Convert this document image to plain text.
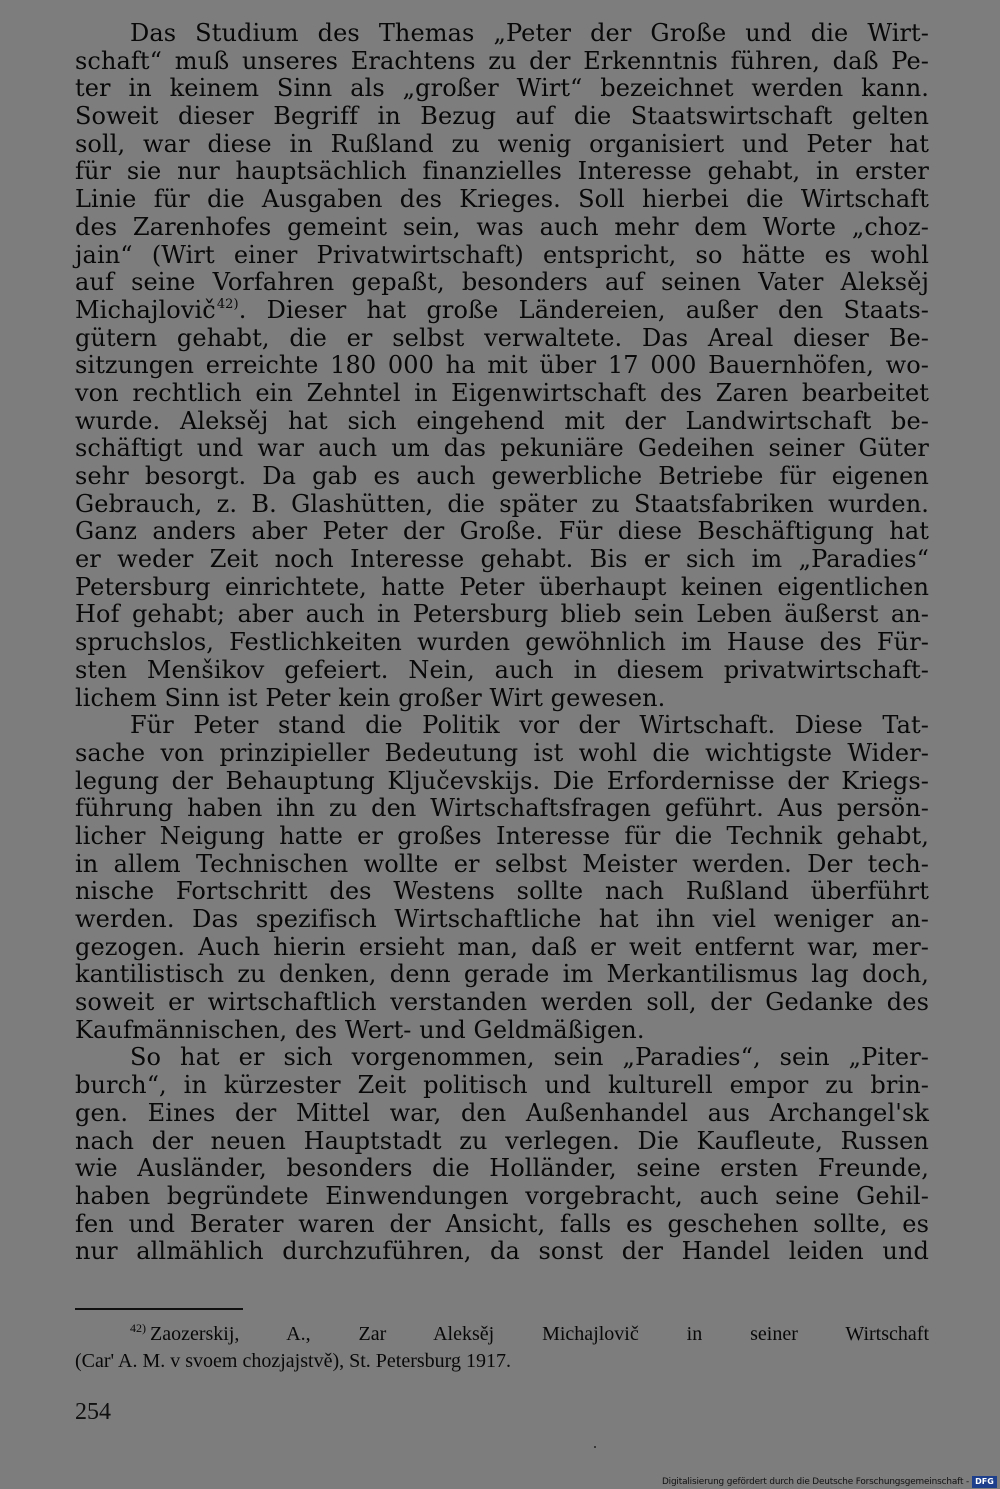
Das Studium des Themas „Peter der Große und die Wirt-
schaft“ muß unseres Erachtens zu der Erkenntnis führen, daß Pe-
ter in keinem Sinn als „großer Wirt“ bezeichnet werden kann.
Soweit dieser Begriff in Bezug auf die Staatswirtschaft gelten
soll, war diese in Rußland zu wenig organisiert und Peter hat
für sie nur hauptsächlich finanzielles Interesse gehabt, in erster
Linie für die Ausgaben des Krieges. Soll hierbei die Wirtschaft
des Zarenhofes gemeint sein, was auch mehr dem Worte „choz-
jain“ (Wirt einer Privatwirtschaft) entspricht, so hätte es wohl
auf seine Vorfahren gepaßt, besonders auf seinen Vater Aleksěj
Michajlovič$^{42)}$. Dieser hat große Ländereien, außer den Staats-
gütern gehabt, die er selbst verwaltete. Das Areal dieser Be-
sitzungen erreichte 180 000 ha mit über 17 000 Bauernhöfen, wo-
von rechtlich ein Zehntel in Eigenwirtschaft des Zaren bearbeitet
wurde. Aleksěj hat sich eingehend mit der Landwirtschaft be-
schäftigt und war auch um das pekuniäre Gedeihen seiner Güter
sehr besorgt. Da gab es auch gewerbliche Betriebe für eigenen
Gebrauch, z. B. Glashütten, die später zu Staatsfabriken wurden.
Ganz anders aber Peter der Große. Für diese Beschäftigung hat
er weder Zeit noch Interesse gehabt. Bis er sich im „Paradies“
Petersburg einrichtete, hatte Peter überhaupt keinen eigentlichen
Hof gehabt; aber auch in Petersburg blieb sein Leben äußerst an-
spruchslos, Festlichkeiten wurden gewöhnlich im Hause des Für-
sten Menšikov gefeiert. Nein, auch in diesem privatwirtschaft-
lichem Sinn ist Peter kein großer Wirt gewesen.
Für Peter stand die Politik vor der Wirtschaft. Diese Tat-
sache von prinzipieller Bedeutung ist wohl die wichtigste Wider-
legung der Behauptung Ključevskijs. Die Erfordernisse der Kriegs-
führung haben ihn zu den Wirtschaftsfragen geführt. Aus persön-
licher Neigung hatte er großes Interesse für die Technik gehabt,
in allem Technischen wollte er selbst Meister werden. Der tech-
nische Fortschritt des Westens sollte nach Rußland überführt
werden. Das spezifisch Wirtschaftliche hat ihn viel weniger an-
gezogen. Auch hierin ersieht man, daß er weit entfernt war, mer-
kantilistisch zu denken, denn gerade im Merkantilismus lag doch,
soweit er wirtschaftlich verstanden werden soll, der Gedanke des
Kaufmännischen, des Wert- und Geldmäßigen.
So hat er sich vorgenommen, sein „Paradies“, sein „Piter-
burch“, in kürzester Zeit politisch und kulturell empor zu brin-
gen. Eines der Mittel war, den Außenhandel aus Archangel'sk
nach der neuen Hauptstadt zu verlegen. Die Kaufleute, Russen
wie Ausländer, besonders die Holländer, seine ersten Freunde,
haben begründete Einwendungen vorgebracht, auch seine Gehil-
fen und Berater waren der Ansicht, falls es geschehen sollte, es
nur allmählich durchzuführen, da sonst der Handel leiden und
$^{42)}$ Zaozerskij, A., Zar Aleksěj Michajlovič in seiner Wirtschaft
(Car' A. M. v svoem chozjajstvě), St. Petersburg 1917.
254
Digitalisierung gefördert durch die Deutsche Forschungsgemeinschaft - DFG
